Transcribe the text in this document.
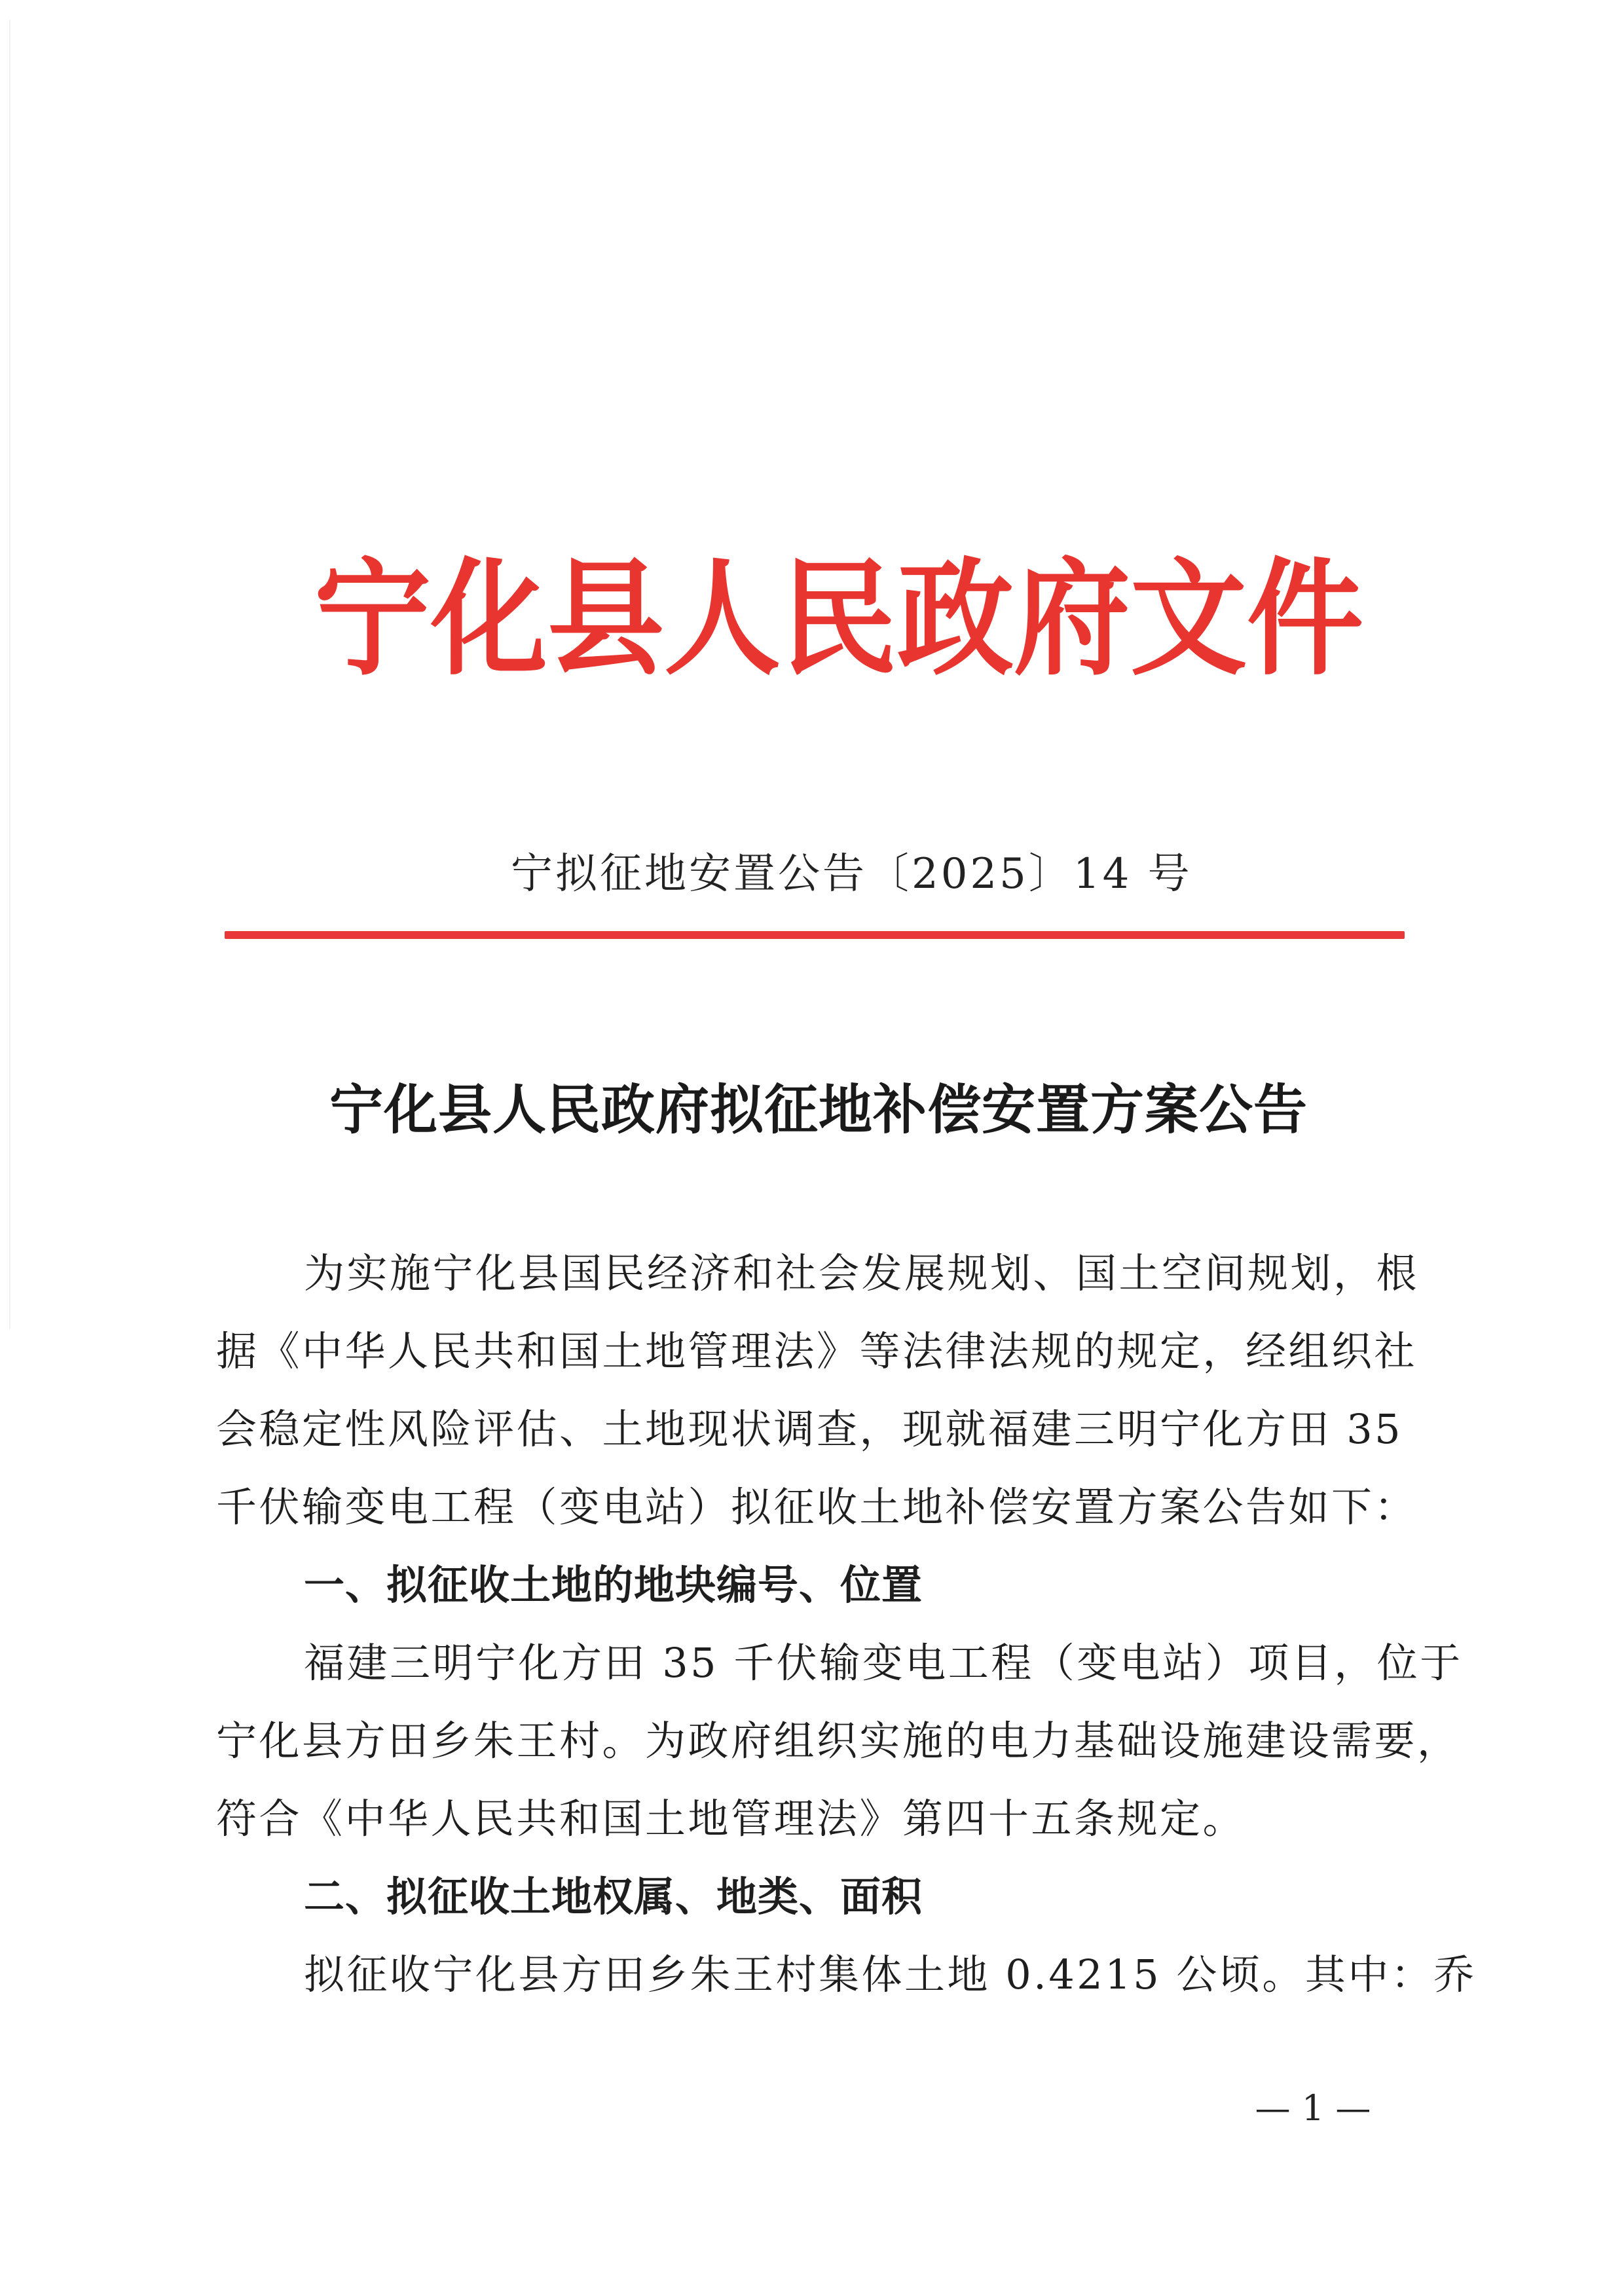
宁 化 县 人 民 政 府 文 件
宁拟征地安置公告〔2025〕14 号
宁化县人民政府拟征地补偿安置方案公告
为实施宁化县国民经济和社会发展规划、国土空间规划，根
据《中华人民共和国土地管理法》等法律法规的规定，经组织社
会稳定性风险评估、土地现状调查，现就福建三明宁化方田 35
千伏输变电工程（变电站）拟征收土地补偿安置方案公告如下：
一、拟征收土地的地块编号、位置
福建三明宁化方田 35 千伏输变电工程（变电站）项目，位于
宁化县方田乡朱王村。为政府组织实施的电力基础设施建设需要，
符合《中华人民共和国土地管理法》第四十五条规定。
二、拟征收土地权属、地类、面积
拟征收宁化县方田乡朱王村集体土地 0.4215 公顷。其中：乔
— 1 —
